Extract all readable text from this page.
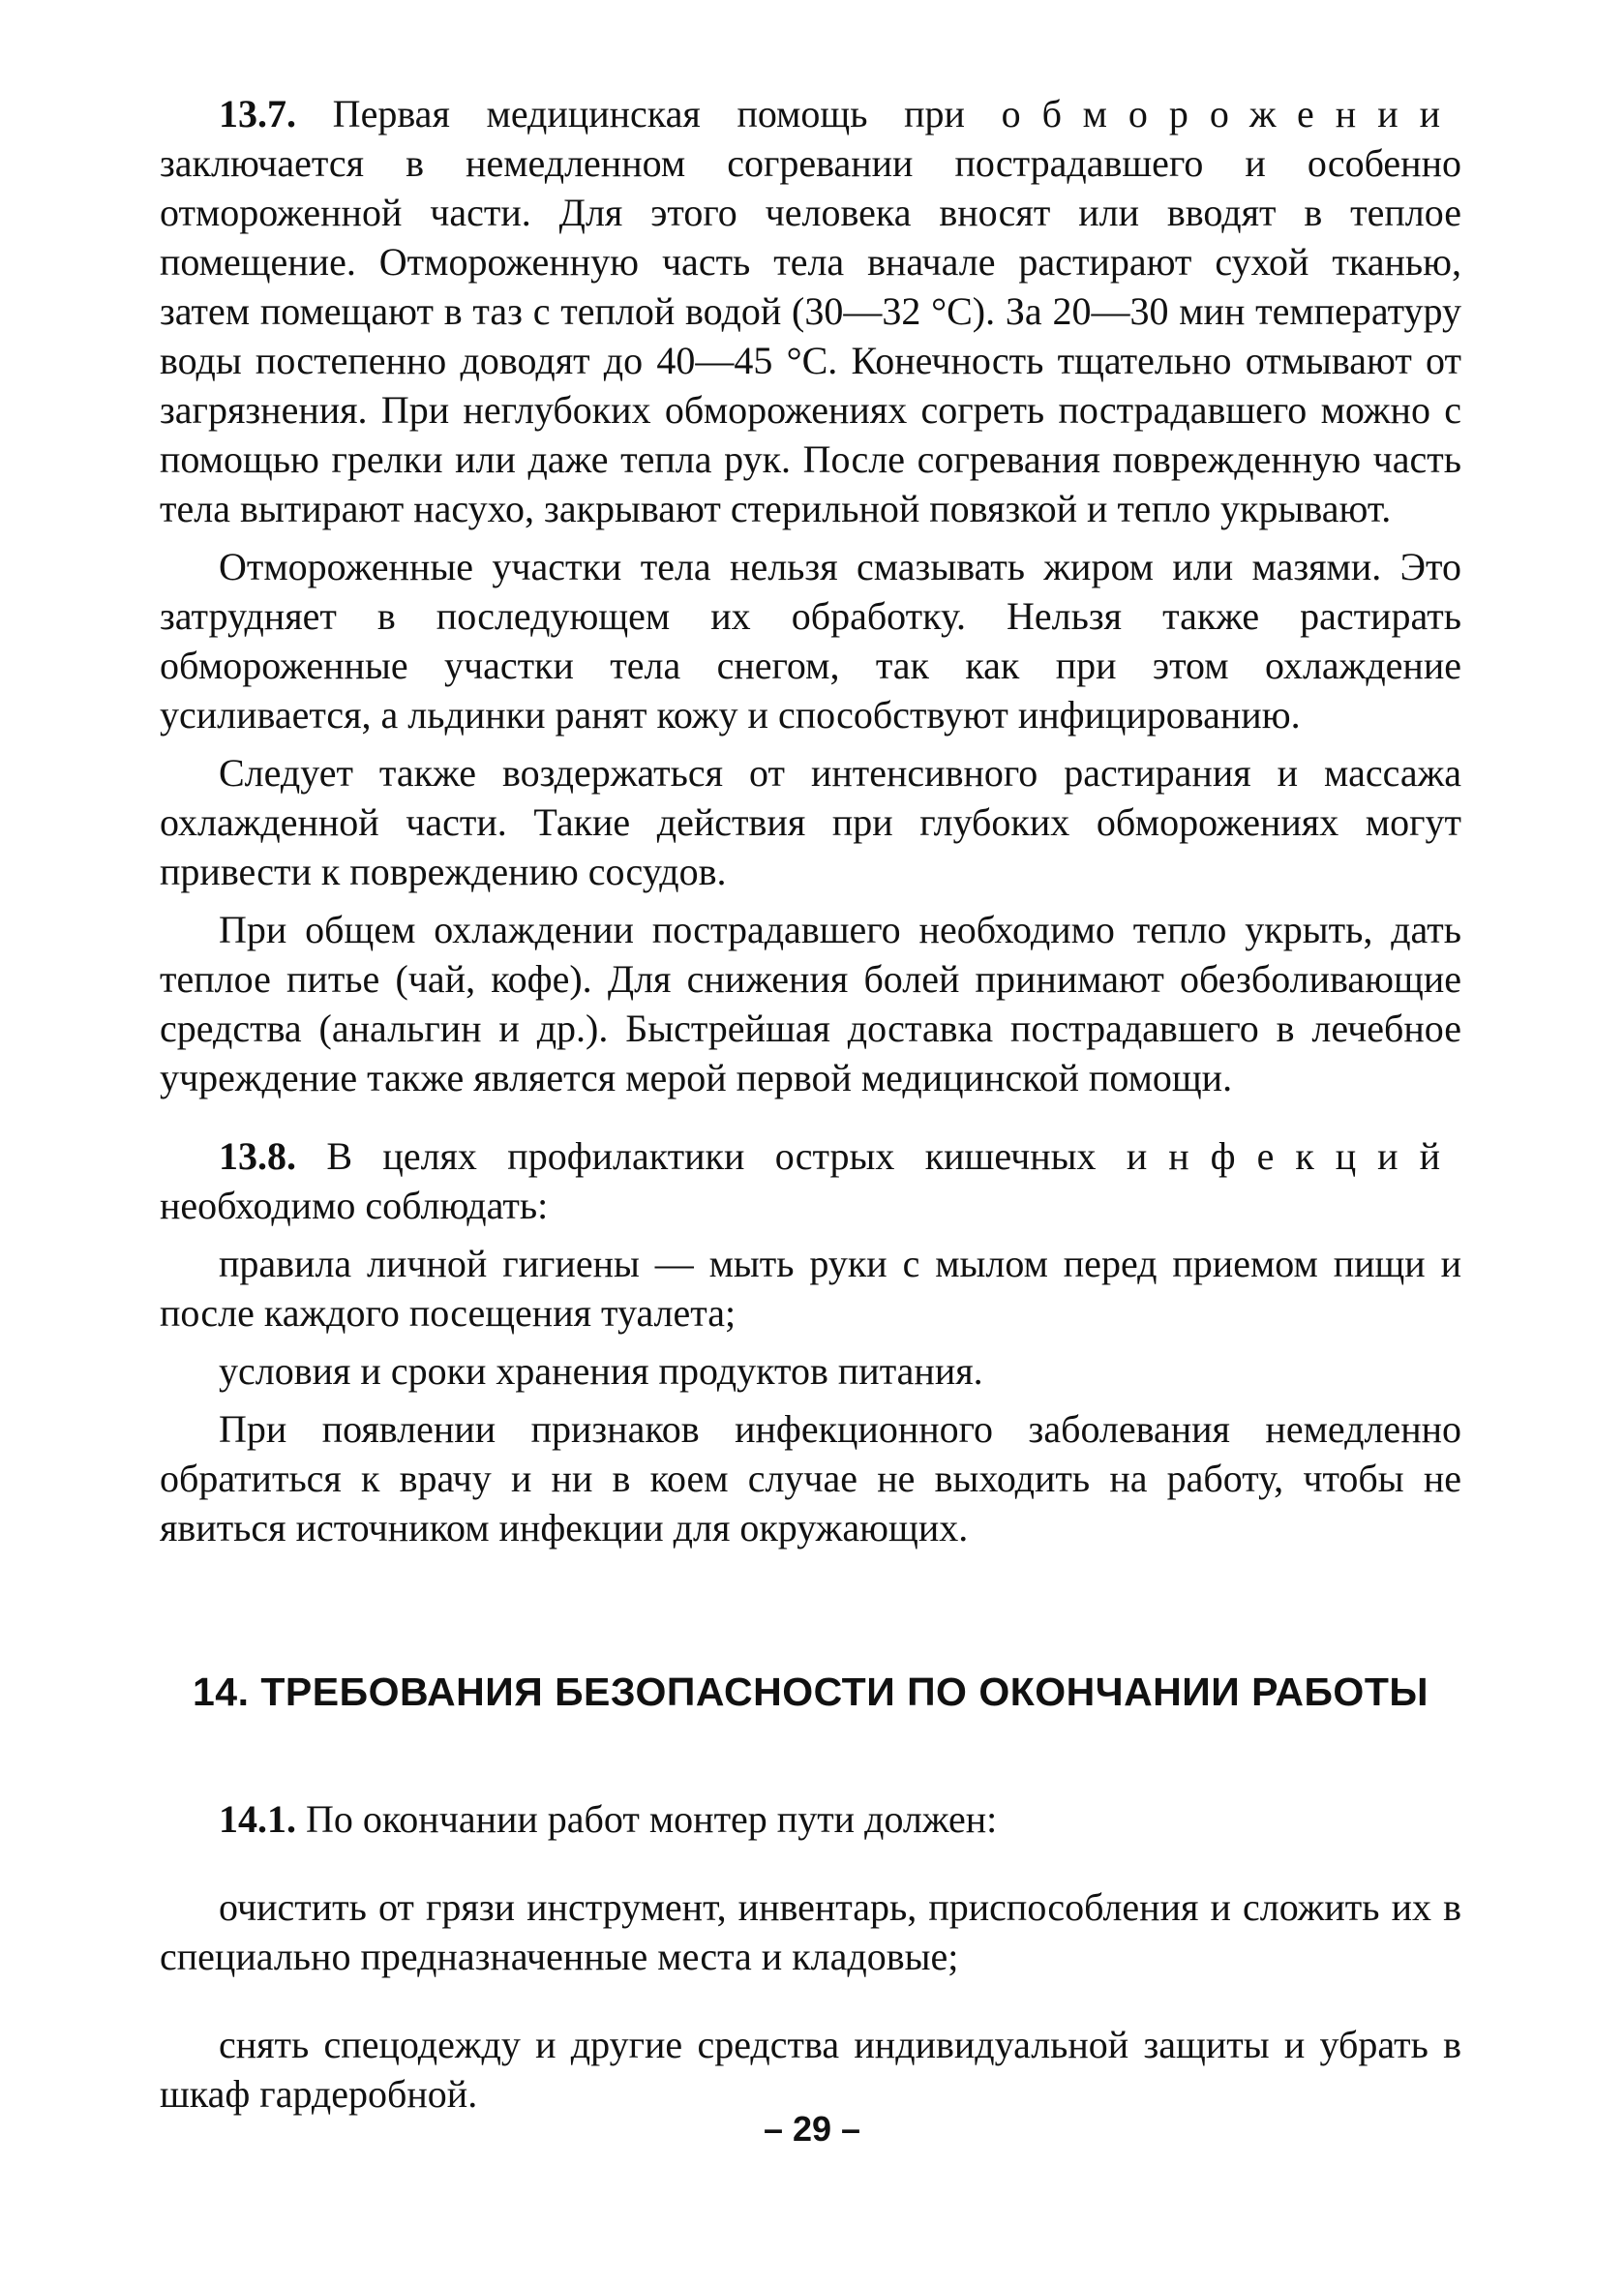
13.7. Первая медицинская помощь при обморожении заключается в немедленном согревании пострадавшего и особенно отмороженной части. Для этого человека вносят или вводят в теплое помещение. Отмороженную часть тела вначале растирают сухой тканью, затем помещают в таз с теплой водой (30—32 °С). За 20—30 мин температуру воды постепенно доводят до 40—45 °С. Конечность тщательно отмывают от загрязнения. При неглубоких обморожениях согреть пострадавшего можно с помощью грелки или даже тепла рук. После согревания поврежденную часть тела вытирают насухо, закрывают стерильной повязкой и тепло укрывают.

Отмороженные участки тела нельзя смазывать жиром или мазями. Это затрудняет в последующем их обработку. Нельзя также растирать обмороженные участки тела снегом, так как при этом охлаждение усиливается, а льдинки ранят кожу и способствуют инфицированию.

Следует также воздержаться от интенсивного растирания и массажа охлажденной части. Такие действия при глубоких обморожениях могут привести к повреждению сосудов.

При общем охлаждении пострадавшего необходимо тепло укрыть, дать теплое питье (чай, кофе). Для снижения болей принимают обезболивающие средства (анальгин и др.). Быстрейшая доставка пострадавшего в лечебное учреждение также является мерой первой медицинской помощи.

13.8. В целях профилактики острых кишечных инфекций необходимо соблюдать:

правила личной гигиены — мыть руки с мылом перед приемом пищи и после каждого посещения туалета;

условия и сроки хранения продуктов питания.

При появлении признаков инфекционного заболевания немедленно обратиться к врачу и ни в коем случае не выходить на работу, чтобы не явиться источником инфекции для окружающих.

14. ТРЕБОВАНИЯ БЕЗОПАСНОСТИ ПО ОКОНЧАНИИ РАБОТЫ

14.1. По окончании работ монтер пути должен:

очистить от грязи инструмент, инвентарь, приспособления и сложить их в специально предназначенные места и кладовые;

снять спецодежду и другие средства индивидуальной защиты и убрать в шкаф гардеробной.

– 29 –
